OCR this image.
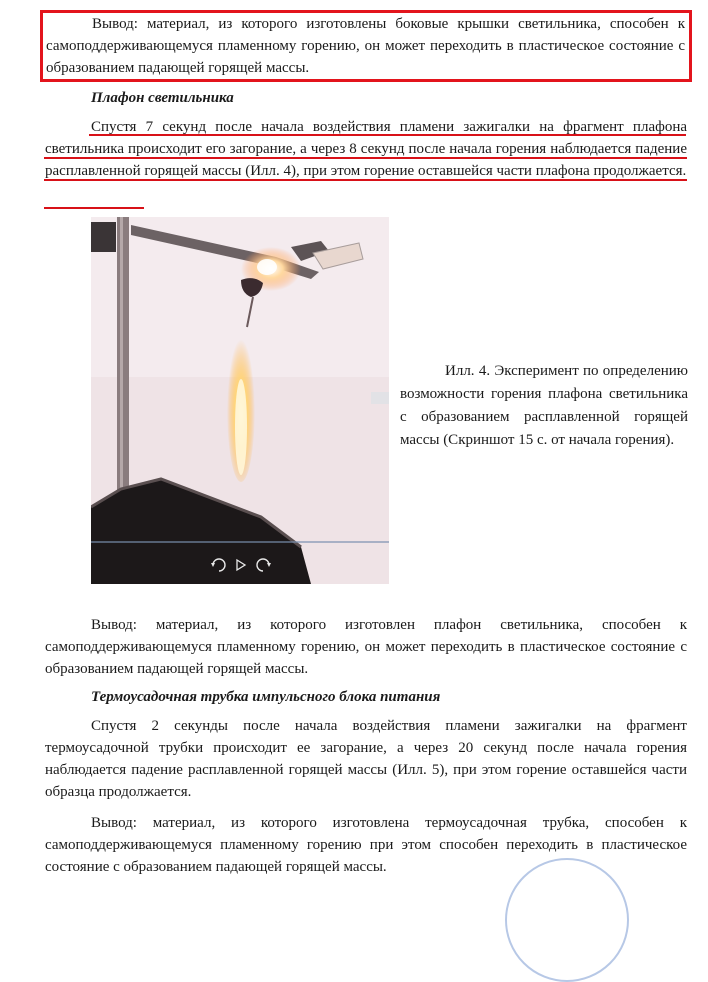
Вывод: материал, из которого изготовлены боковые крышки светильника, способен к самоподдерживающемуся пламенному горению, он может переходить в пластическое состояние с образованием падающей горящей массы.
Плафон светильника
Спустя 7 секунд после начала воздействия пламени зажигалки на фрагмент плафона светильника происходит его загорание, а через 8 секунд после начала горения наблюдается падение расплавленной горящей массы (Илл. 4), при этом горение оставшейся части плафона продолжается.
Илл. 4. Эксперимент по определению возможности горения плафона светильника с образованием расплавленной горящей массы (Скриншот 15 с. от начала горения).
Вывод: материал, из которого изготовлен плафон светильника, способен к самоподдерживающемуся пламенному горению, он может переходить в пластическое состояние с образованием падающей горящей массы.
Термоусадочная трубка импульсного блока питания
Спустя 2 секунды после начала воздействия пламени зажигалки на фрагмент термоусадочной трубки происходит ее загорание, а через 20 секунд после начала горения наблюдается падение расплавленной горящей массы (Илл. 5), при этом горение оставшейся части образца продолжается.
Вывод: материал, из которого изготовлена термоусадочная трубка, способен к самоподдерживающемуся пламенному горению при этом способен переходить в пластическое состояние с образованием падающей горящей массы.
